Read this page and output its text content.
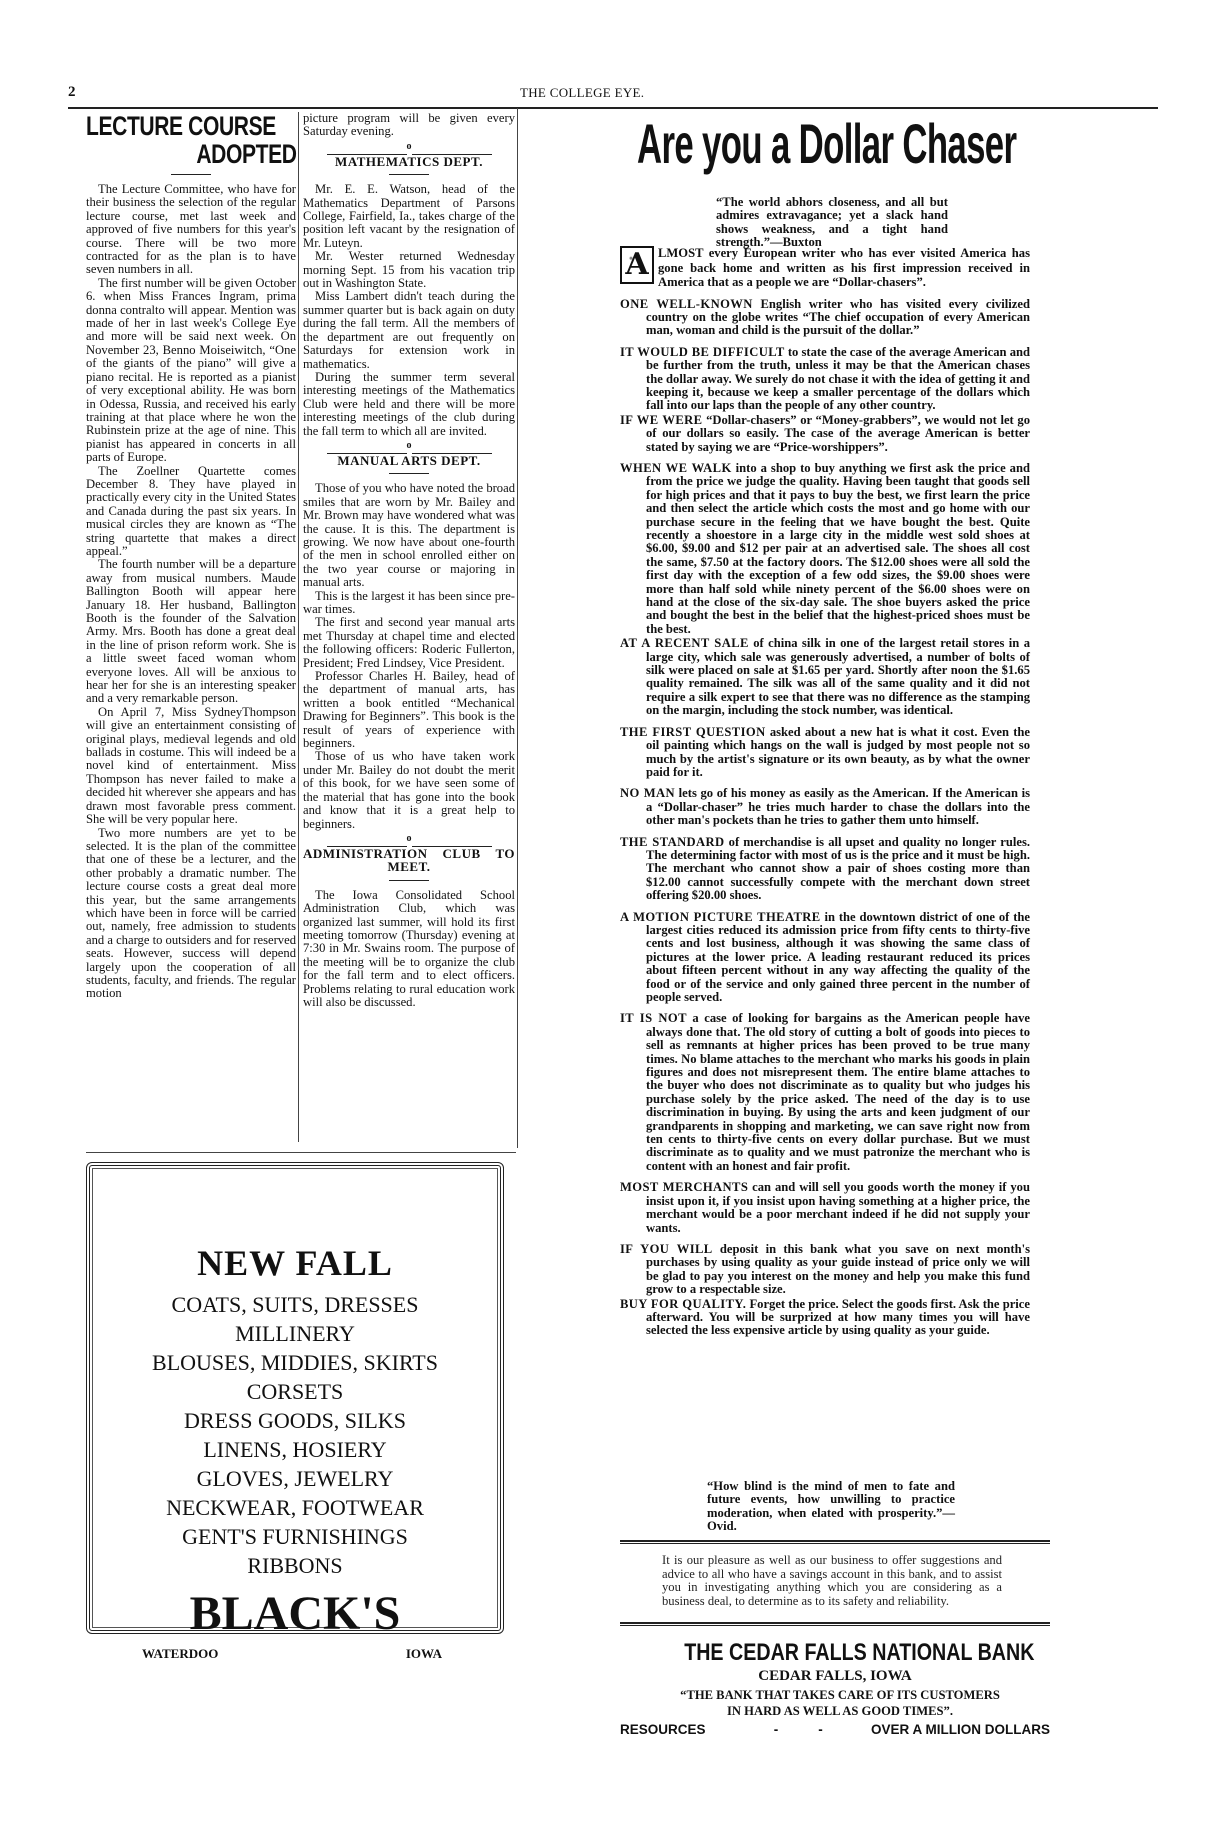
2	THE COLLEGE EYE.
LECTURE COURSE
ADOPTED

The Lecture Committee, who have for their business the selection of the regular lecture course, met last week and approved of five numbers for this year's course. There will be two more contracted for as the plan is to have seven numbers in all.

The first number will be given October 6. when Miss Frances Ingram, prima donna contralto will appear. Mention was made of her in last week's College Eye and more will be said next week. On November 23, Benno Moiseiwitch, “One of the giants of the piano” will give a piano recital. He is reported as a pianist of very exceptional ability. He was born in Odessa, Russia, and received his early training at that place where he won the Rubinstein prize at the age of nine. This pianist has appeared in concerts in all parts of Europe.

The Zoellner Quartette comes December 8. They have played in practically every city in the United States and Canada during the past six years. In musical circles they are known as “The string quartette that makes a direct appeal.”

The fourth number will be a departure away from musical numbers. Maude Ballington Booth will appear here January 18. Her husband, Ballington Booth is the founder of the Salvation Army. Mrs. Booth has done a great deal in the line of prison reform work. She is a little sweet faced woman whom everyone loves. All will be anxious to hear her for she is an interesting speaker and a very remarkable person.

On April 7, Miss SydneyThompson will give an entertainment consisting of original plays, medieval legends and old ballads in costume. This will indeed be a novel kind of entertainment. Miss Thompson has never failed to make a decided hit wherever she appears and has drawn most favorable press comment. She will be very popular here.

Two more numbers are yet to be selected. It is the plan of the committee that one of these be a lecturer, and the other probably a dramatic number. The lecture course costs a great deal more this year, but the same arrangements which have been in force will be carried out, namely, free admission to students and a charge to outsiders and for reserved seats. However, success will depend largely upon the cooperation of all students, faculty, and friends. The regular motion

picture program will be given every Saturday evening.
o
MATHEMATICS DEPT.

Mr. E. E. Watson, head of the Mathematics Department of Parsons College, Fairfield, Ia., takes charge of the position left vacant by the resignation of Mr. Luteyn.

Mr. Wester returned Wednesday morning Sept. 15 from his vacation trip out in Washington State.

Miss Lambert didn't teach during the summer quarter but is back again on duty during the fall term. All the members of the department are out frequently on Saturdays for extension work in mathematics.

During the summer term several interesting meetings of the Mathematics Club were held and there will be more interesting meetings of the club during the fall term to which all are invited.

o
MANUAL ARTS DEPT.

Those of you who have noted the broad smiles that are worn by Mr. Bailey and Mr. Brown may have wondered what was the cause. It is this. The department is growing. We now have about one-fourth of the men in school enrolled either on the two year course or majoring in manual arts.

This is the largest it has been since pre-war times.

The first and second year manual arts met Thursday at chapel time and elected the following officers: Roderic Fullerton, President; Fred Lindsey, Vice President.

Professor Charles H. Bailey, head of the department of manual arts, has written a book entitled “Mechanical Drawing for Beginners”. This book is the result of years of experience with beginners.

Those of us who have taken work under Mr. Bailey do not doubt the merit of this book, for we have seen some of the material that has gone into the book and know that it is a great help to beginners.

o
ADMINISTRATION CLUB TO MEET.

The Iowa Consolidated School Administration Club, which was organized last summer, will hold its first meeting tomorrow (Thursday) evening at 7:30 in Mr. Swains room. The purpose of the meeting will be to organize the club for the fall term and to elect officers. Problems relating to rural education work will also be discussed.

NEW FALL
COATS, SUITS, DRESSES
MILLINERY
BLOUSES, MIDDIES, SKIRTS
CORSETS
DRESS GOODS, SILKS
LINENS, HOSIERY
GLOVES, JEWELRY
NECKWEAR, FOOTWEAR
GENT'S FURNISHINGS
RIBBONS
BLACK'S
WATERDOO	IOWA
Are you a Dollar Chaser
“The world abhors closeness, and all but admires extravagance; yet a slack hand shows weakness, and a tight hand strength.”—Buxton
A LMOST every European writer who has ever visited America has gone back home and written as his first impression received in America that as a people we are “Dollar-chasers”.
ONE WELL-KNOWN English writer who has visited every civilized country on the globe writes “The chief occupation of every American man, woman and child is the pursuit of the dollar.”
IT WOULD BE DIFFICULT to state the case of the average American and be further from the truth, unless it may be that the American chases the dollar away. We surely do not chase it with the idea of getting it and keeping it, because we keep a smaller percentage of the dollars which fall into our laps than the people of any other country.
IF WE WERE “Dollar-chasers” or “Money-grabbers”, we would not let go of our dollars so easily. The case of the average American is better stated by saying we are “Price-worshippers”.
WHEN WE WALK into a shop to buy anything we first ask the price and from the price we judge the quality. Having been taught that goods sell for high prices and that it pays to buy the best, we first learn the price and then select the article which costs the most and go home with our purchase secure in the feeling that we have bought the best. Quite recently a shoestore in a large city in the middle west sold shoes at $6.00, $9.00 and $12 per pair at an advertised sale. The shoes all cost the same, $7.50 at the factory doors. The $12.00 shoes were all sold the first day with the exception of a few odd sizes, the $9.00 shoes were more than half sold while ninety percent of the $6.00 shoes were on hand at the close of the six-day sale. The shoe buyers asked the price and bought the best in the belief that the highest-priced shoes must be the best.
AT A RECENT SALE of china silk in one of the largest retail stores in a large city, which sale was generously advertised, a number of bolts of silk were placed on sale at $1.65 per yard. Shortly after noon the $1.65 quality remained. The silk was all of the same quality and it did not require a silk expert to see that there was no difference as the stamping on the margin, including the stock number, was identical.
THE FIRST QUESTION asked about a new hat is what it cost. Even the oil painting which hangs on the wall is judged by most people not so much by the artist's signature or its own beauty, as by what the owner paid for it.
NO MAN lets go of his money as easily as the American. If the American is a “Dollar-chaser” he tries much harder to chase the dollars into the other man's pockets than he tries to gather them unto himself.
THE STANDARD of merchandise is all upset and quality no longer rules. The determining factor with most of us is the price and it must be high. The merchant who cannot show a pair of shoes costing more than $12.00 cannot successfully compete with the merchant down street offering $20.00 shoes.
A MOTION PICTURE THEATRE in the downtown district of one of the largest cities reduced its admission price from fifty cents to thirty-five cents and lost business, although it was showing the same class of pictures at the lower price. A leading restaurant reduced its prices about fifteen percent without in any way affecting the quality of the food or of the service and only gained three percent in the number of people served.
IT IS NOT a case of looking for bargains as the American people have always done that. The old story of cutting a bolt of goods into pieces to sell as remnants at higher prices has been proved to be true many times. No blame attaches to the merchant who marks his goods in plain figures and does not misrepresent them. The entire blame attaches to the buyer who does not discriminate as to quality but who judges his purchase solely by the price asked. The need of the day is to use discrimination in buying. By using the arts and keen judgment of our grandparents in shopping and marketing, we can save right now from ten cents to thirty-five cents on every dollar purchase. But we must discriminate as to quality and we must patronize the merchant who is content with an honest and fair profit.
MOST MERCHANTS can and will sell you goods worth the money if you insist upon it, if you insist upon having something at a higher price, the merchant would be a poor merchant indeed if he did not supply your wants.
IF YOU WILL deposit in this bank what you save on next month's purchases by using quality as your guide instead of price only we will be glad to pay you interest on the money and help you make this fund grow to a respectable size.
BUY FOR QUALITY. Forget the price. Select the goods first. Ask the price afterward. You will be surprized at how many times you will have selected the less expensive article by using quality as your guide.
“How blind is the mind of men to fate and future events, how unwilling to practice moderation, when elated with prosperity.”—Ovid.
It is our pleasure as well as our business to offer suggestions and advice to all who have a savings account in this bank, and to assist you in investigating anything which you are considering as a business deal, to determine as to its safety and reliability.
THE CEDAR FALLS NATIONAL BANK
CEDAR FALLS, IOWA
“THE BANK THAT TAKES CARE OF ITS CUSTOMERS
IN HARD AS WELL AS GOOD TIMES”.
RESOURCES	-	-	OVER A MILLION DOLLARS
